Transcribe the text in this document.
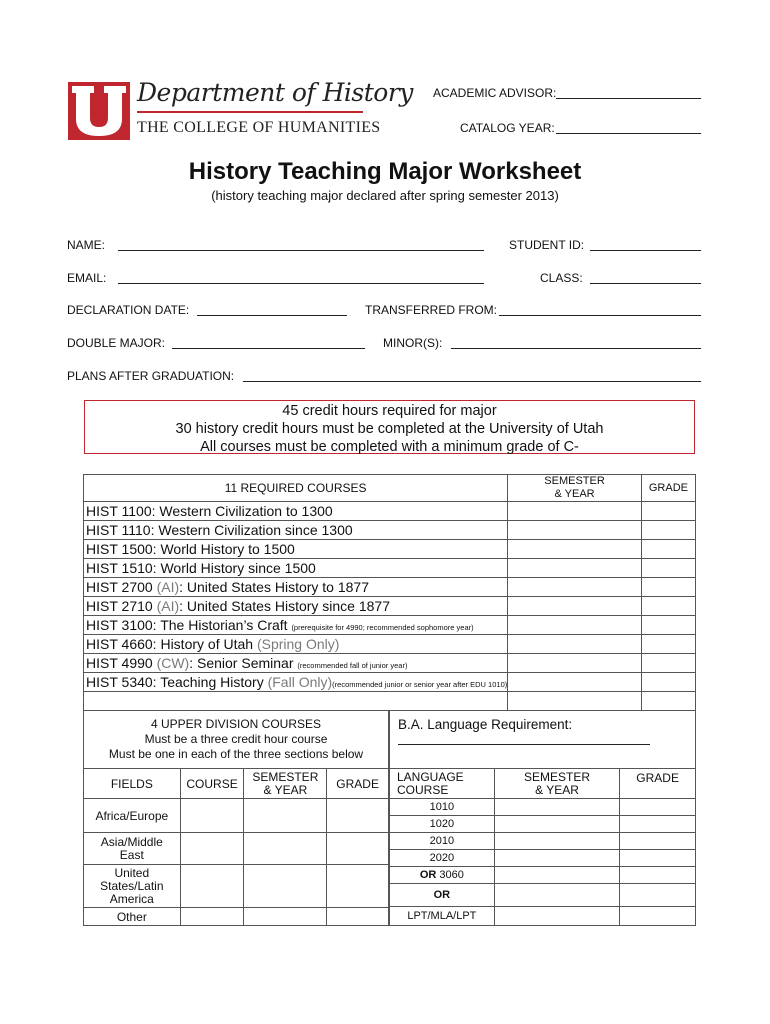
Department of History
THE COLLEGE OF HUMANITIES
ACADEMIC ADVISOR:
CATALOG YEAR:
History Teaching Major Worksheet
(history teaching major declared after spring semester 2013)
NAME:	STUDENT ID:
EMAIL:	CLASS:
DECLARATION DATE:	TRANSFERRED FROM:
DOUBLE MAJOR:	MINOR(S):
PLANS AFTER GRADUATION:
45 credit hours required for major
30 history credit hours must be completed at the University of Utah
All courses must be completed with a minimum grade of C-
11 REQUIRED COURSES	SEMESTER & YEAR	GRADE
HIST 1100: Western Civilization to 1300		
HIST 1110: Western Civilization since 1300		
HIST 1500: World History to 1500		
HIST 1510: World History since 1500		
HIST 2700 (AI): United States History to 1877		
HIST 2710 (AI): United States History since 1877		
HIST 3100: The Historian’s Craft (prerequisite for 4990; recommended sophomore year)		
HIST 4660: History of Utah (Spring Only)		
HIST 4990 (CW): Senior Seminar (recommended fall of junior year)		
HIST 5340: Teaching History (Fall Only)(recommended junior or senior year after EDU 1010)		

4 UPPER DIVISION COURSES
Must be a three credit hour course
Must be one in each of the three sections below			

FIELDS	COURSE	SEMESTER & YEAR	GRADE
Africa/Europe			
Asia/Middle East			
United States/Latin America			
Other			
B.A. Language Requirement:		

LANGUAGE COURSE	SEMESTER & YEAR	GRADE
1010		
1020		
2010		
2020		
OR 3060		
OR		
LPT/MLA/LPT		
